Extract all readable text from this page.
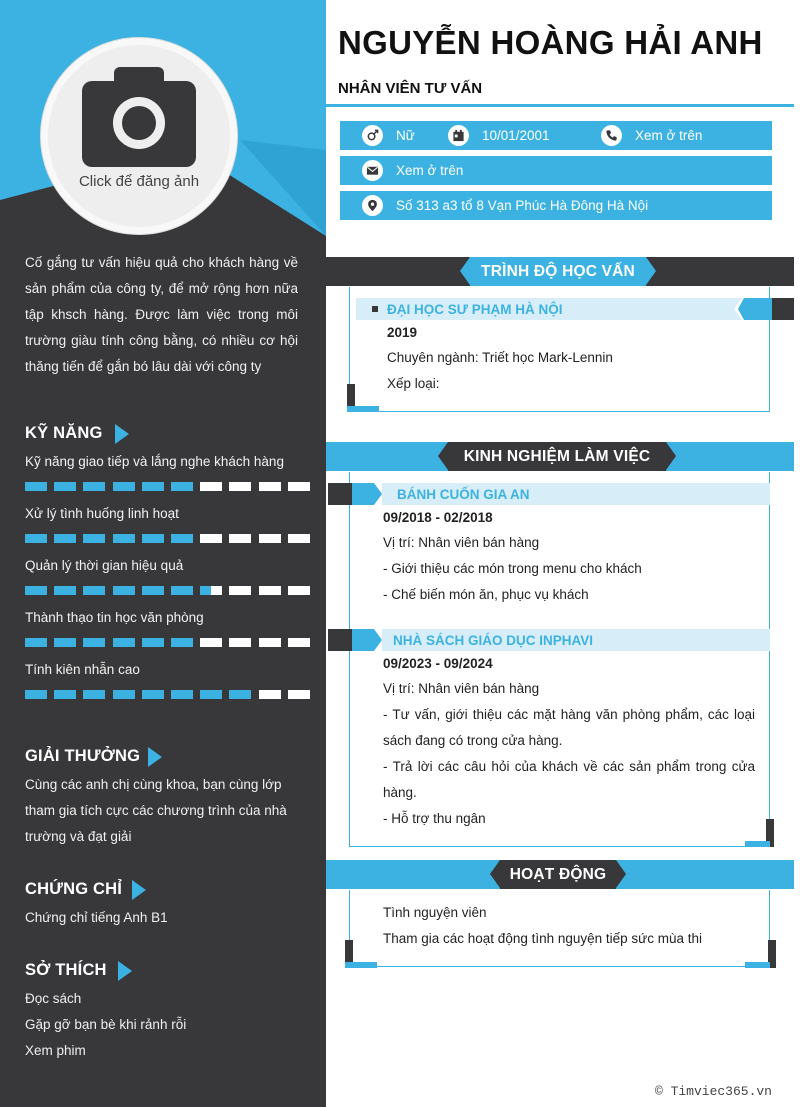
Click để đăng ảnh
Cố gắng tư vấn hiệu quả cho khách hàng về sản phẩm của công ty, để mở rộng hơn nữa tập khsch hàng. Được làm việc trong môi trường giàu tính công bằng, có nhiều cơ hội thăng tiến để gắn bó lâu dài với công ty
KỸ NĂNG
Kỹ năng giao tiếp và lắng nghe khách hàng
Xử lý tình huống linh hoạt
Quản lý thời gian hiệu quả
Thành thạo tin học văn phòng
Tính kiên nhẫn cao
GIẢI THƯỞNG
Cùng các anh chị cùng khoa, bạn cùng lớp tham gia tích cực các chương trình của nhà trường và đạt giải
CHỨNG CHỈ
Chứng chỉ tiếng Anh B1
SỞ THÍCH
Đọc sách
Gặp gỡ bạn bè khi rảnh rỗi
Xem phim
NGUYỄN HOÀNG HẢI ANH
NHÂN VIÊN TƯ VẤN
Nữ	10/01/2001	Xem ở trên
Xem ở trên
Số 313 a3 tổ 8 Vạn Phúc Hà Đông Hà Nội
TRÌNH ĐỘ HỌC VẤN
ĐẠI HỌC SƯ PHẠM HÀ NỘI
2019
Chuyên ngành: Triết học Mark-Lennin
Xếp loại:
KINH NGHIỆM LÀM VIỆC
BÁNH CUỐN GIA AN
09/2018 - 02/2018
Vị trí: Nhân viên bán hàng
- Giới thiệu các món trong menu cho khách
- Chế biến món ăn, phục vụ khách
NHÀ SÁCH GIÁO DỤC INPHAVI
09/2023 - 09/2024
Vị trí: Nhân viên bán hàng
- Tư vấn, giới thiệu các mặt hàng văn phòng phẩm, các loại sách đang có trong cửa hàng.
- Trả lời các câu hỏi của khách về các sản phẩm trong cửa hàng.
- Hỗ trợ thu ngân
HOẠT ĐỘNG
Tình nguyện viên
Tham gia các hoạt động tình nguyện tiếp sức mùa thi
© Timviec365.vn
